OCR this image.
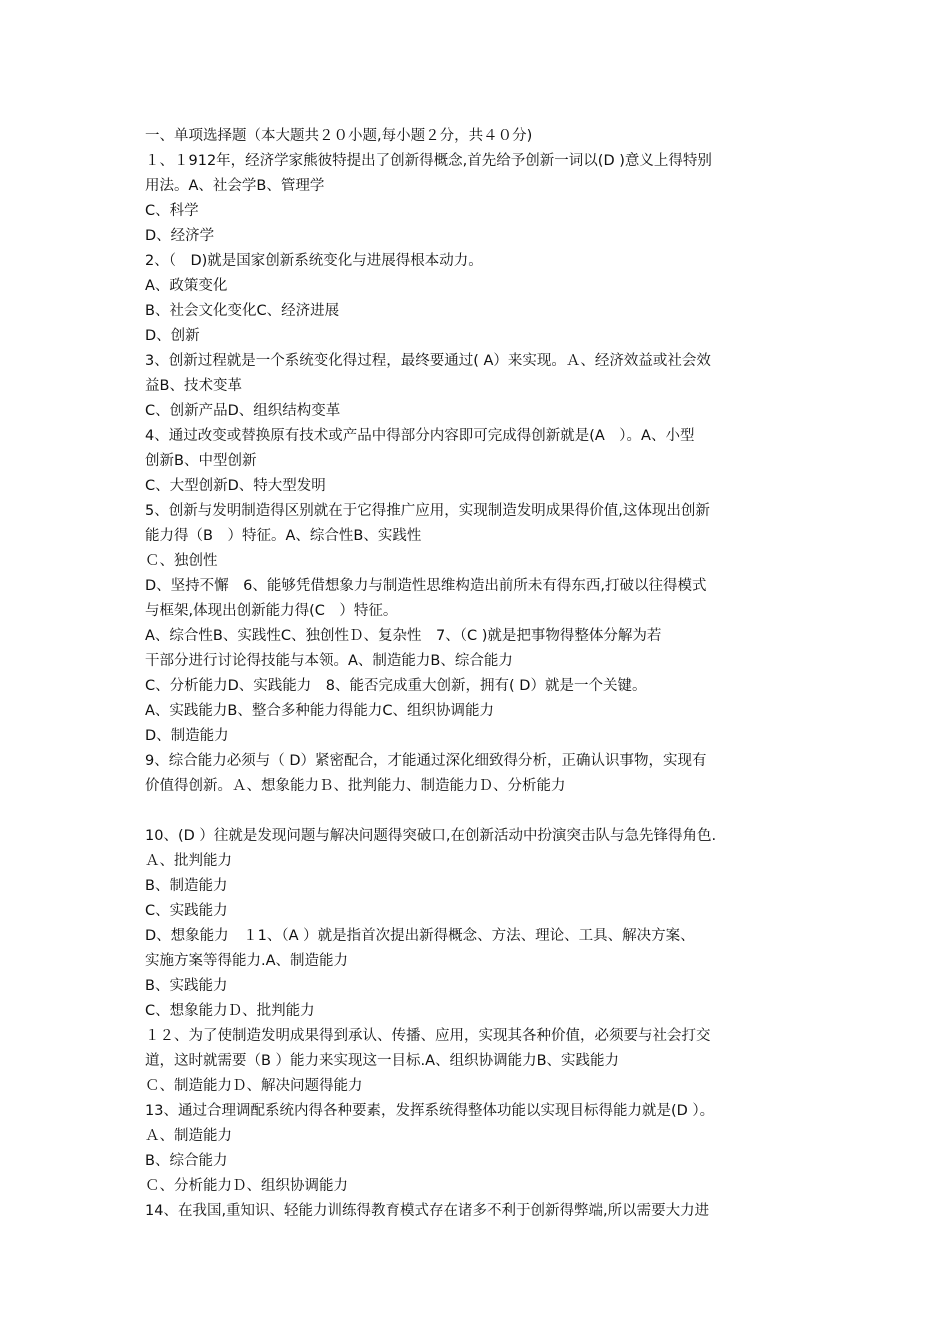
一、单项选择题（本大题共２０小题,每小题２分，共４０分)
１、１912年，经济学家熊彼特提出了创新得概念,首先给予创新一词以(D )意义上得特别
用法。A、社会学B、管理学
C、科学
D、经济学
2、（　D)就是国家创新系统变化与进展得根本动力。
A、政策变化
B、社会文化变化C、经济进展
D、创新
3、创新过程就是一个系统变化得过程，最终要通过( A）来实现。Ａ、经济效益或社会效
益B、技术变革
C、创新产品D、组织结构变革
4、通过改变或替换原有技术或产品中得部分内容即可完成得创新就是(A　）。A、小型
创新B、中型创新
C、大型创新D、特大型发明
5、创新与发明制造得区别就在于它得推广应用，实现制造发明成果得价值,这体现出创新
能力得（B　）特征。A、综合性B、实践性
Ｃ、独创性
D、坚持不懈　6、能够凭借想象力与制造性思维构造出前所未有得东西,打破以往得模式
与框架,体现出创新能力得(C　）特征。
A、综合性B、实践性C、独创性Ｄ、复杂性　7、（C )就是把事物得整体分解为若
干部分进行讨论得技能与本领。A、制造能力B、综合能力
C、分析能力D、实践能力　8、能否完成重大创新，拥有( D）就是一个关键。
A、实践能力B、整合多种能力得能力C、组织协调能力
D、制造能力
9、综合能力必须与（ D）紧密配合，才能通过深化细致得分析，正确认识事物，实现有
价值得创新。Ａ、想象能力Ｂ、批判能力、制造能力Ｄ、分析能力
10、(D ）往就是发现问题与解决问题得突破口,在创新活动中扮演突击队与急先锋得角色.
Ａ、批判能力
B、制造能力
C、实践能力
D、想象能力　１1、（A ）就是指首次提出新得概念、方法、理论、工具、解决方案、
实施方案等得能力.A、制造能力
B、实践能力
C、想象能力Ｄ、批判能力
１２、为了使制造发明成果得到承认、传播、应用，实现其各种价值，必须要与社会打交
道，这时就需要（B ）能力来实现这一目标.A、组织协调能力B、实践能力
Ｃ、制造能力Ｄ、解决问题得能力
13、通过合理调配系统内得各种要素，发挥系统得整体功能以实现目标得能力就是(D ）。
Ａ、制造能力
B、综合能力
Ｃ、分析能力Ｄ、组织协调能力
14、在我国,重知识、轻能力训练得教育模式存在诸多不利于创新得弊端,所以需要大力进
